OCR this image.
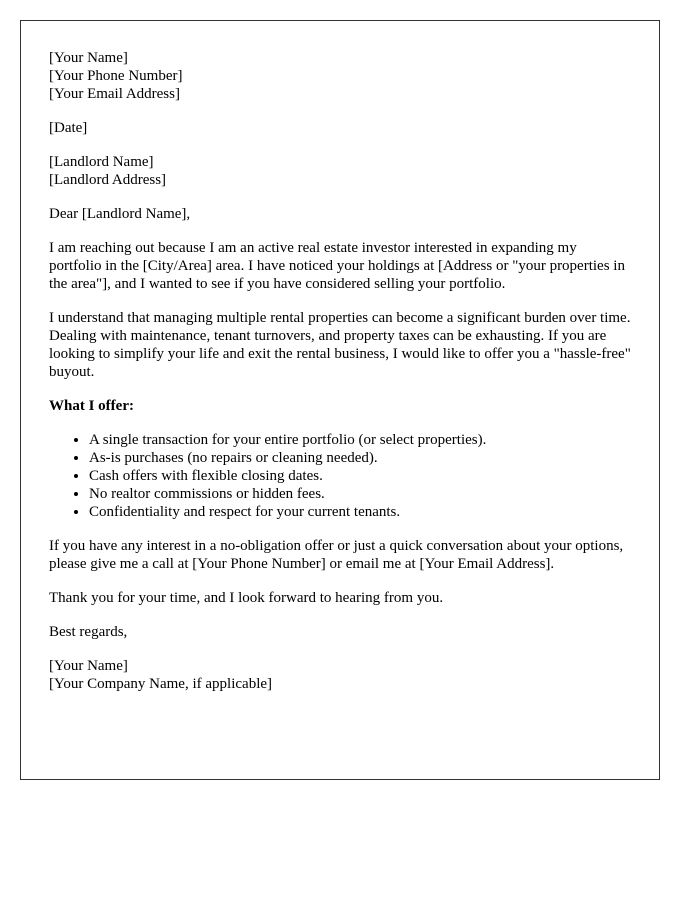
[Your Name]
[Your Phone Number]
[Your Email Address]
[Date]
[Landlord Name]
[Landlord Address]

Dear [Landlord Name],

I am reaching out because I am an active real estate investor interested in expanding my portfolio in the [City/Area] area. I have noticed your holdings at [Address or "your properties in the area"], and I wanted to see if you have considered selling your portfolio.

I understand that managing multiple rental properties can become a significant burden over time. Dealing with maintenance, tenant turnovers, and property taxes can be exhausting. If you are looking to simplify your life and exit the rental business, I would like to offer you a "hassle-free" buyout.

What I offer:
• A single transaction for your entire portfolio (or select properties).
• As-is purchases (no repairs or cleaning needed).
• Cash offers with flexible closing dates.
• No realtor commissions or hidden fees.
• Confidentiality and respect for your current tenants.

If you have any interest in a no-obligation offer or just a quick conversation about your options, please give me a call at [Your Phone Number] or email me at [Your Email Address].

Thank you for your time, and I look forward to hearing from you.

Best regards,

[Your Name]
[Your Company Name, if applicable]
